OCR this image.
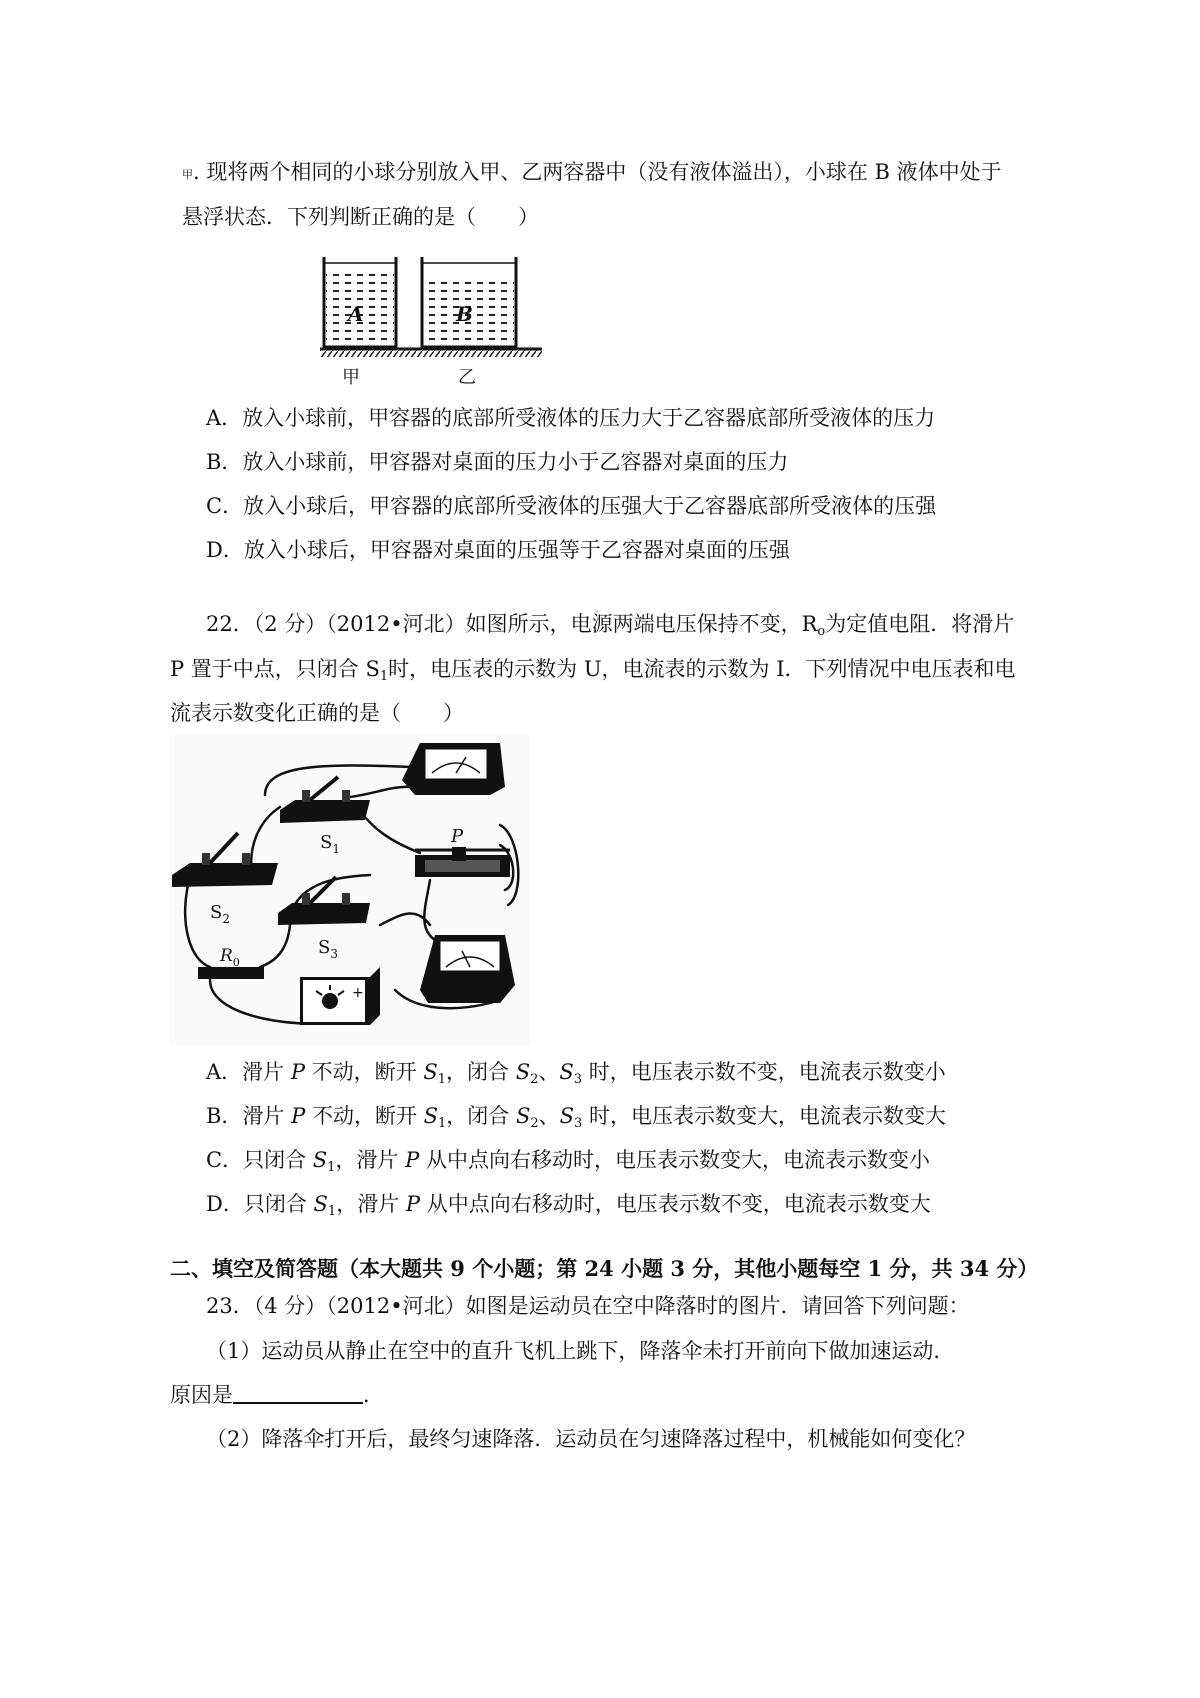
甲. 现将两个相同的小球分别放入甲、乙两容器中（没有液体溢出），小球在 B 液体中处于
悬浮状态．下列判断正确的是（　　）
A	B
甲	乙
A．放入小球前，甲容器的底部所受液体的压力大于乙容器底部所受液体的压力
B．放入小球前，甲容器对桌面的压力小于乙容器对桌面的压力
C．放入小球后，甲容器的底部所受液体的压强大于乙容器底部所受液体的压强
D．放入小球后，甲容器对桌面的压强等于乙容器对桌面的压强
22．（2 分）（2012•河北）如图所示，电源两端电压保持不变，$R_o$为定值电阻．将滑片
P 置于中点，只闭合 $S_1$时，电压表的示数为 U，电流表的示数为 I．下列情况中电压表和电
流表示数变化正确的是（　　）
$S_1$
$S_2$
$S_3$
P
$R_0$
+
A．滑片 P 不动，断开 $S_1$，闭合 $S_2$、$S_3$ 时，电压表示数不变，电流表示数变小
B．滑片 P 不动，断开 $S_1$，闭合 $S_2$、$S_3$ 时，电压表示数变大，电流表示数变大
C．只闭合 $S_1$，滑片 P 从中点向右移动时，电压表示数变大，电流表示数变小
D．只闭合 $S_1$，滑片 P 从中点向右移动时，电压表示数不变，电流表示数变大
二、填空及简答题（本大题共 9 个小题；第 24 小题 3 分，其他小题每空 1 分，共 34 分）
23．（4 分）（2012•河北）如图是运动员在空中降落时的图片．请回答下列问题：
（1）运动员从静止在空中的直升飞机上跳下，降落伞未打开前向下做加速运动．
原因是	．
（2）降落伞打开后，最终匀速降落．运动员在匀速降落过程中，机械能如何变化？
